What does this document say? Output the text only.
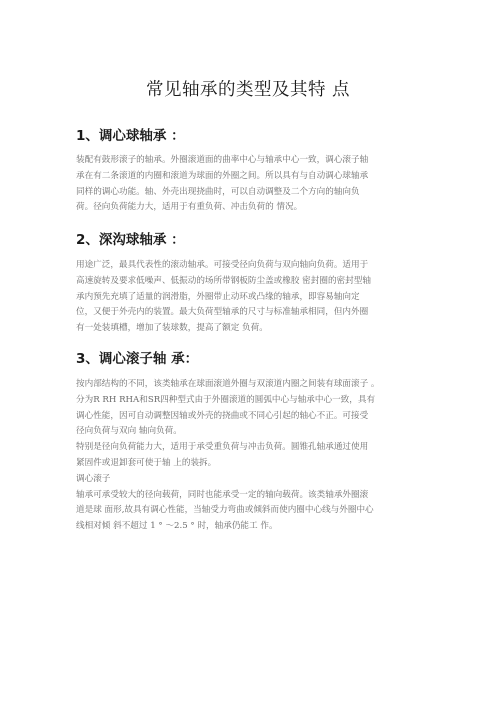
常见轴承的类型及其特 点
1、调心球轴承 ：
装配有鼓形滚子的轴承。外圈滚道面的曲率中心与轴承中心一致，调心滚子轴
承在有二条滚道的内圈和滚道为球面的外圈之间。所以具有与自动调心球轴承
同样的调心功能。轴、外壳出现挠曲时，可以自动调整及二个方向的轴向负
荷。径向负荷能力大，适用于有重负荷、冲击负荷的 情况。
2、深沟球轴承 ：
用途广泛，最具代表性的滚动轴承。可接受径向负荷与双向轴向负荷。适用于
高速旋转及要求低噪声、低振动的场所带钢板防尘盖或橡胶 密封圈的密封型轴
承内预先充填了适量的润滑脂，外圈带止动环或凸缘的轴承，即容易轴向定
位，又便于外壳内的装置。最大负荷型轴承的尺寸与标准轴承相同，但内外圈
有一处装填槽，增加了装球数，提高了额定 负荷。
3、调心滚子轴 承：
按内部结构的不同，该类轴承在球面滚道外圈与双滚道内圈之间装有球面滚子 。
分为R RH RHA和SR四种型式由于外圈滚道的圆弧中心与轴承中心一致，具有
调心性能，因可自动调整因轴或外壳的挠曲或不同心引起的轴心不正。可接受
径向负荷与双向 轴向负荷。
特别是径向负荷能力大，适用于承受重负荷与冲击负荷。圆锥孔轴承通过使用
紧固件或退卸套可使于轴 上的装拆。
调心滚子
轴承可承受较大的径向载荷，同时也能承受一定的轴向载荷。该类轴承外圈滚
道是球 面形,故具有调心性能，当轴受力弯曲或倾斜而使内圈中心线与外圈中心
线相对倾 斜不超过 1 ° ～2.5 ° 时，轴承仍能工 作。
